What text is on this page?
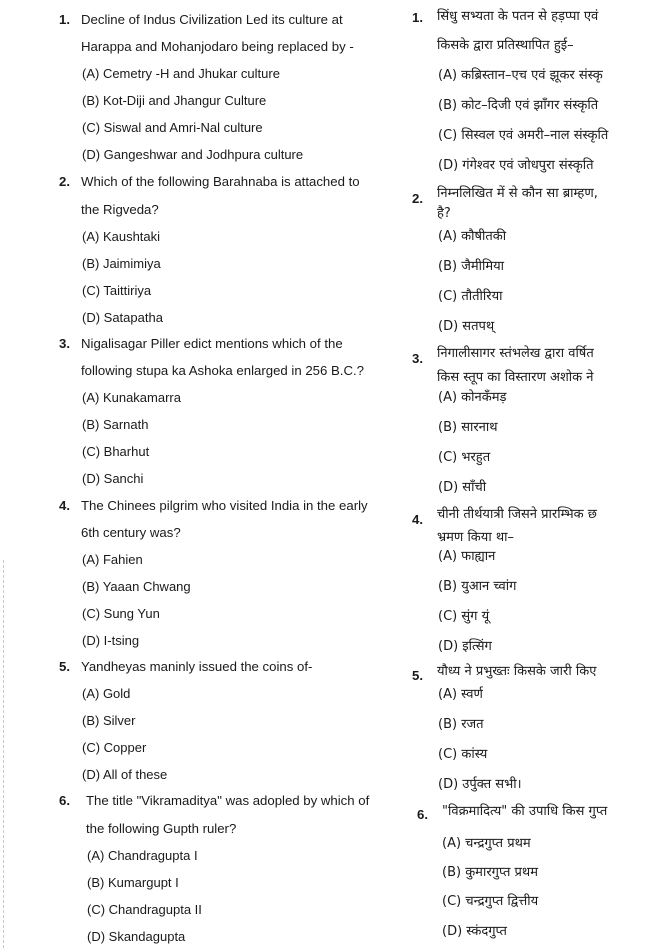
1. Decline of Indus Civilization Led its culture at
Harappa and Mohanjodaro being replaced by -
(A) Cemetry -H and Jhukar culture
(B) Kot-Diji and Jhangur Culture
(C) Siswal and Amri-Nal culture
(D) Gangeshwar and Jodhpura culture
2. Which of the following Barahnaba is attached to
the Rigveda?
(A) Kaushtaki
(B) Jaimimiya
(C) Taittiriya
(D) Satapatha
3. Nigalisagar Piller edict mentions which of the
following stupa ka Ashoka enlarged in 256 B.C.?
(A) Kunakamarra
(B) Sarnath
(C) Bharhut
(D) Sanchi
4. The Chinees pilgrim who visited India in the early
6th century was?
(A) Fahien
(B) Yaaan Chwang
(C) Sung Yun
(D) I-tsing
5. Yandheyas maninly issued the coins of-
(A) Gold
(B) Silver
(C) Copper
(D) All of these
6. The title "Vikramaditya" was adopled by which of
the following Gupth ruler?
(A) Chandragupta I
(B) Kumargupt I
(C) Chandragupta II
(D) Skandagupta
1. सिंधु सभ्यता के पतन से हड़प्पा एवं
किसके द्वारा प्रतिस्थापित हुई–
(A) कब्रिस्तान–एच एवं झूकर संस्कृ
(B) कोट–दिजी एवं झाँगर संस्कृति
(C) सिस्वल एवं अमरी–नाल संस्कृति
(D) गंगेश्वर एवं जोधपुरा संस्कृति
2. निम्नलिखित में से कौन सा ब्राम्हण,
है?
(A) कौषीतकी
(B) जैमीमिया
(C) तौतीरिया
(D) सतपथ्
3. निगालीसागर स्तंभलेख द्वारा वर्षित
किस स्तूप का विस्तारण अशोक ने
(A) कोनकँमड़
(B) सारनाथ
(C) भरहुत
(D) साँची
4. चीनी तीर्थयात्री जिसने प्रारम्भिक छ
भ्रमण किया था–
(A) फाह्यान
(B) युआन च्वांग
(C) सुंग यूं
(D) इत्सिंग
5. यौध्य ने प्रभुख्तः किसके जारी किए
(A) स्वर्ण
(B) रजत
(C) कांस्य
(D) उर्पुक्त सभी।
6. "विक्रमादित्य" की उपाधि किस गुप्त
(A) चन्द्रगुप्त प्रथम
(B) कुमारगुप्त प्रथम
(C) चन्द्रगुप्त द्वित्तीय
(D) स्कंदगुप्त
